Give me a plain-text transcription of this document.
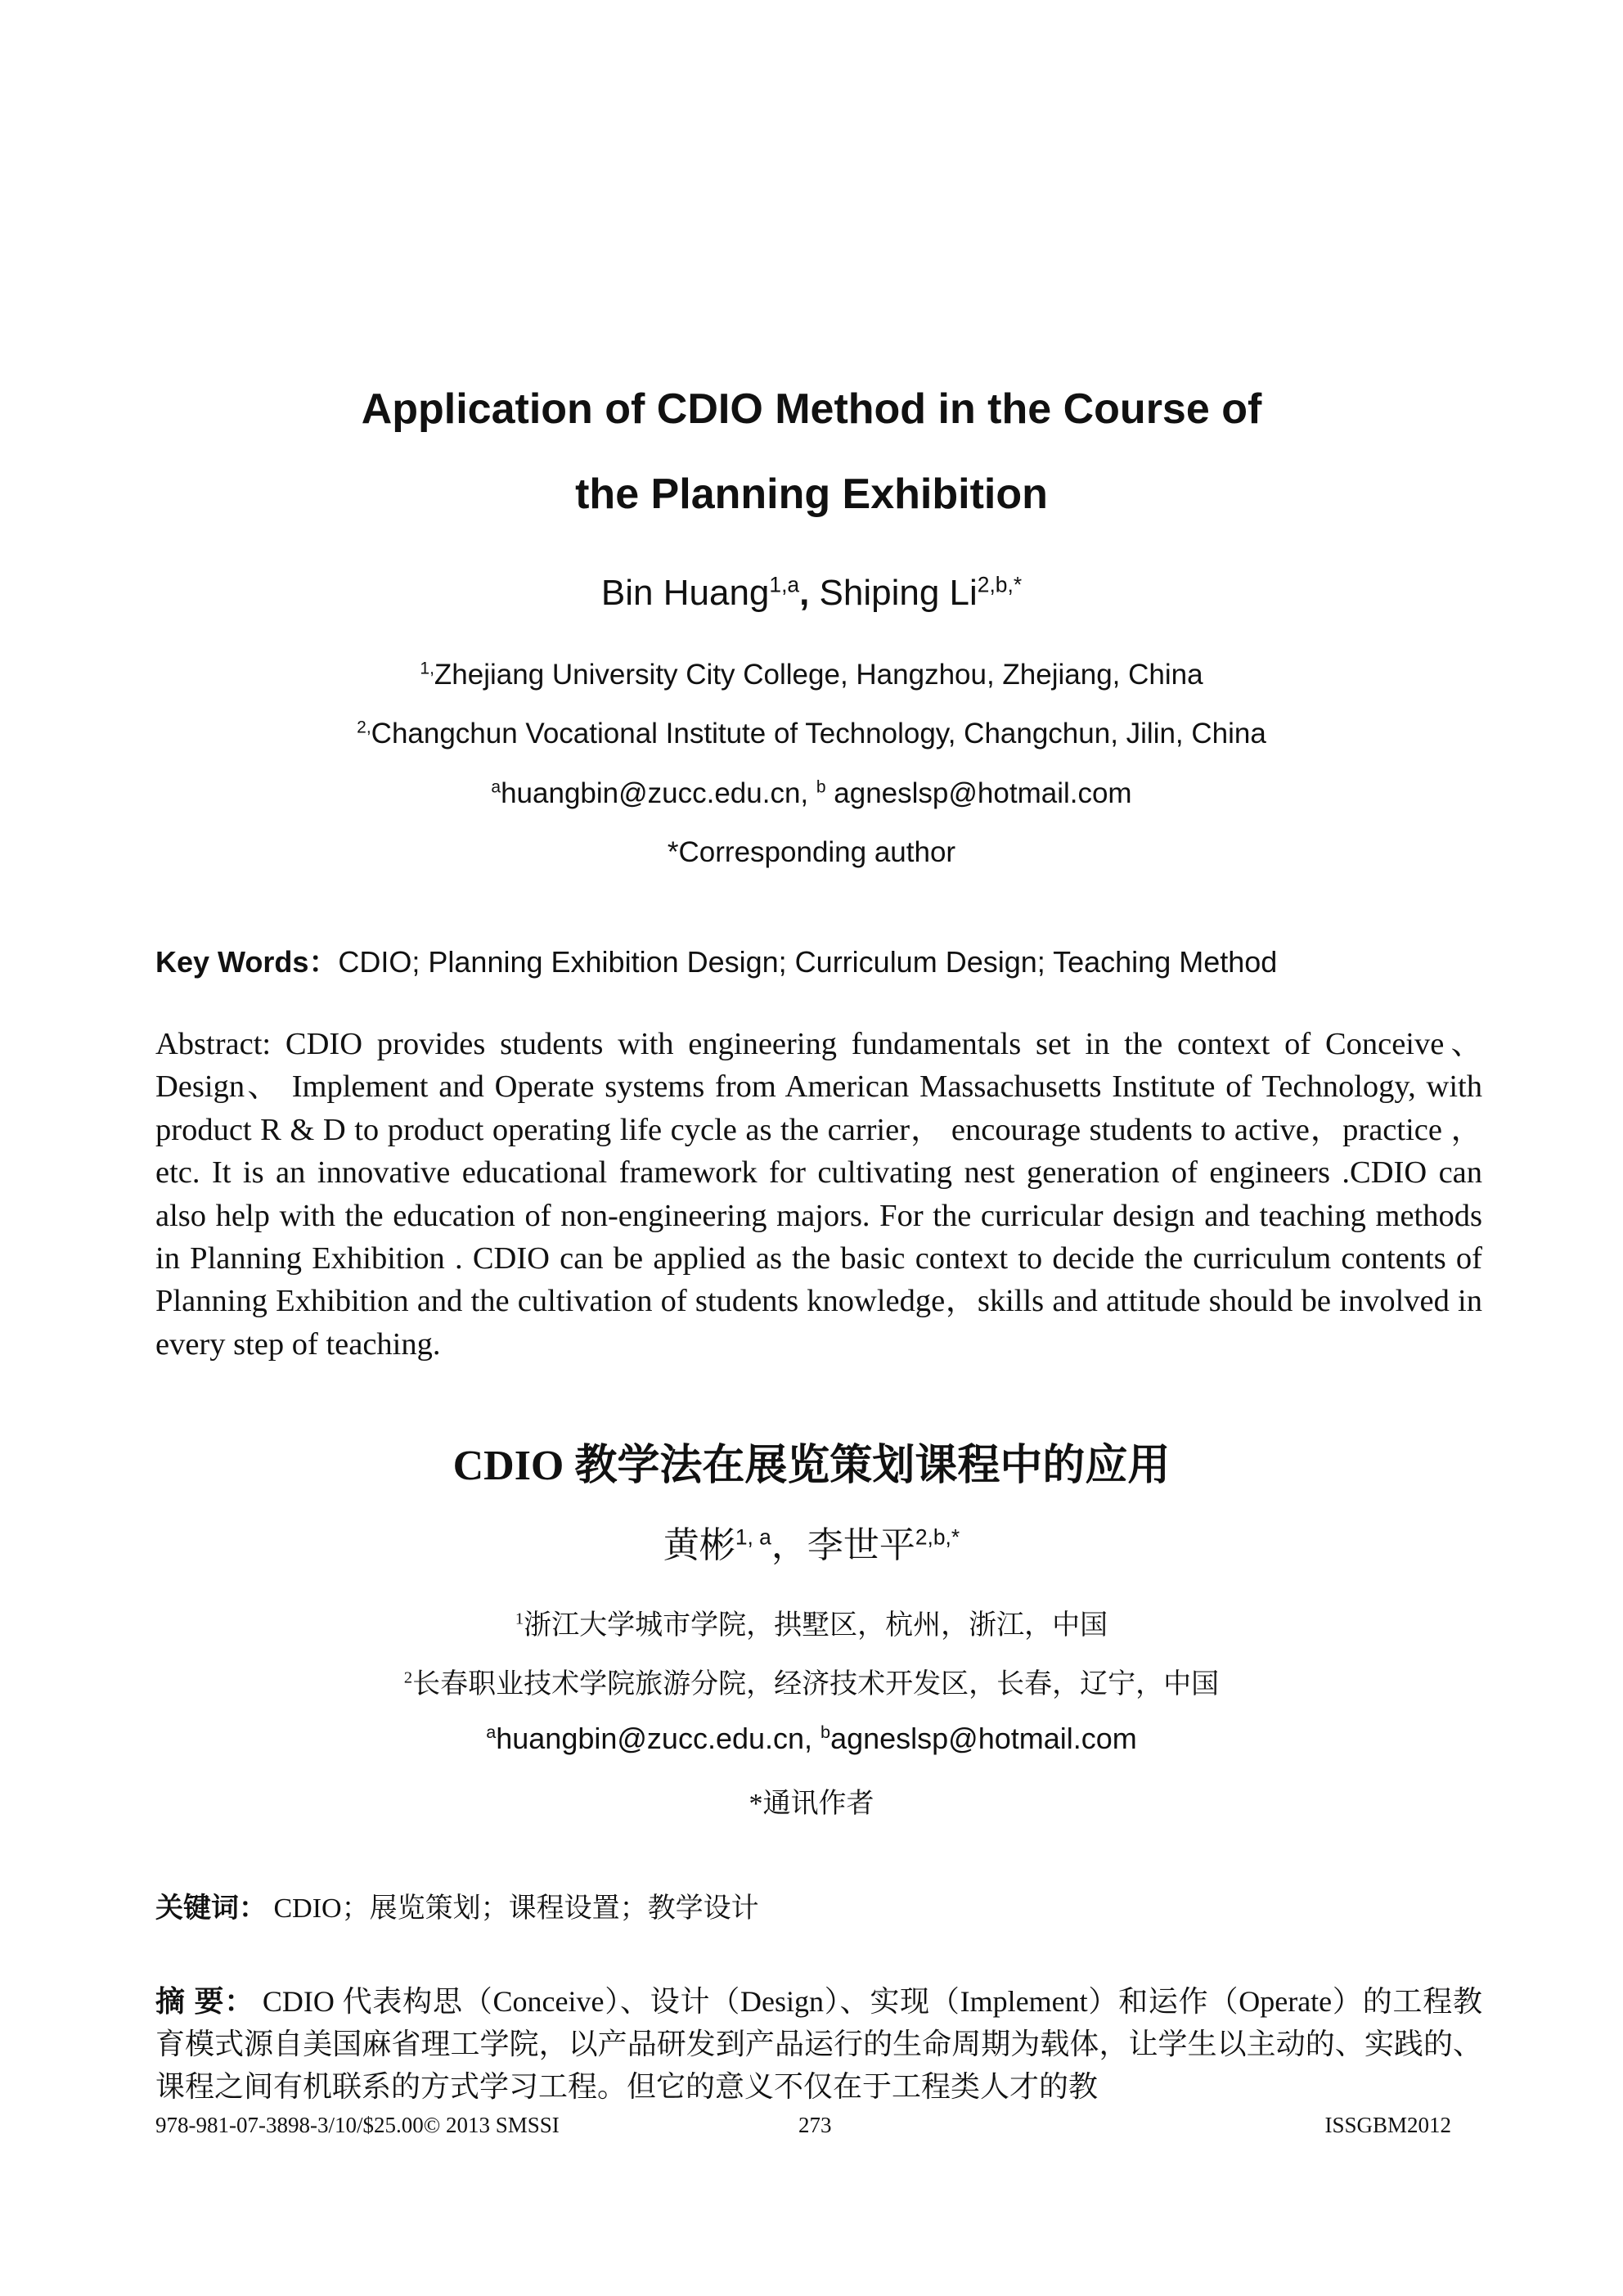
Application of CDIO Method in the Course of
the Planning Exhibition
Bin Huang$^{1,a}$, Shiping $Li^{2,b,*}$
$^{1,}$Zhejiang University City College, Hangzhou, Zhejiang, China
$^{2,}$Changchun Vocational Institute of Technology, Changchun, Jilin, China
$^a$huangbin@zucc.edu.cn, $^b$ agneslsp@hotmail.com
*Corresponding author
Key Words：CDIO; Planning Exhibition Design; Curriculum Design; Teaching Method
Abstract: CDIO provides students with engineering fundamentals set in the context of Conceive、Design、 Implement and Operate systems from American Massachusetts Institute of Technology, with product R & D to product operating life cycle as the carrier， encourage students to active，practice ， etc. It is an innovative educational framework for cultivating nest generation of engineers .CDIO can also help with the education of non-engineering majors. For the curricular design and teaching methods in Planning Exhibition . CDIO can be applied as the basic context to decide the curriculum contents of Planning Exhibition and the cultivation of students knowledge，skills and attitude should be involved in every step of teaching.
CDIO 教学法在展览策划课程中的应用
黄彬$^{1, a}$，李世平$^{2,b,*}$
$^1$浙江大学城市学院，拱墅区，杭州，浙江，中国
$^2$长春职业技术学院旅游分院，经济技术开发区，长春，辽宁，中国
$^a$huangbin@zucc.edu.cn, $^b$agneslsp@hotmail.com
*通讯作者
关键词： CDIO；展览策划；课程设置；教学设计
摘 要： CDIO 代表构思（Conceive）、设计（Design）、实现（Implement）和运作（Operate）的工程教育模式源自美国麻省理工学院，以产品研发到产品运行的生命周期为载体，让学生以主动的、实践的、课程之间有机联系的方式学习工程。但它的意义不仅在于工程类人才的教
978-981-07-3898-3/10/$25.00© 2013 SMSSI	273	ISSGBM2012
